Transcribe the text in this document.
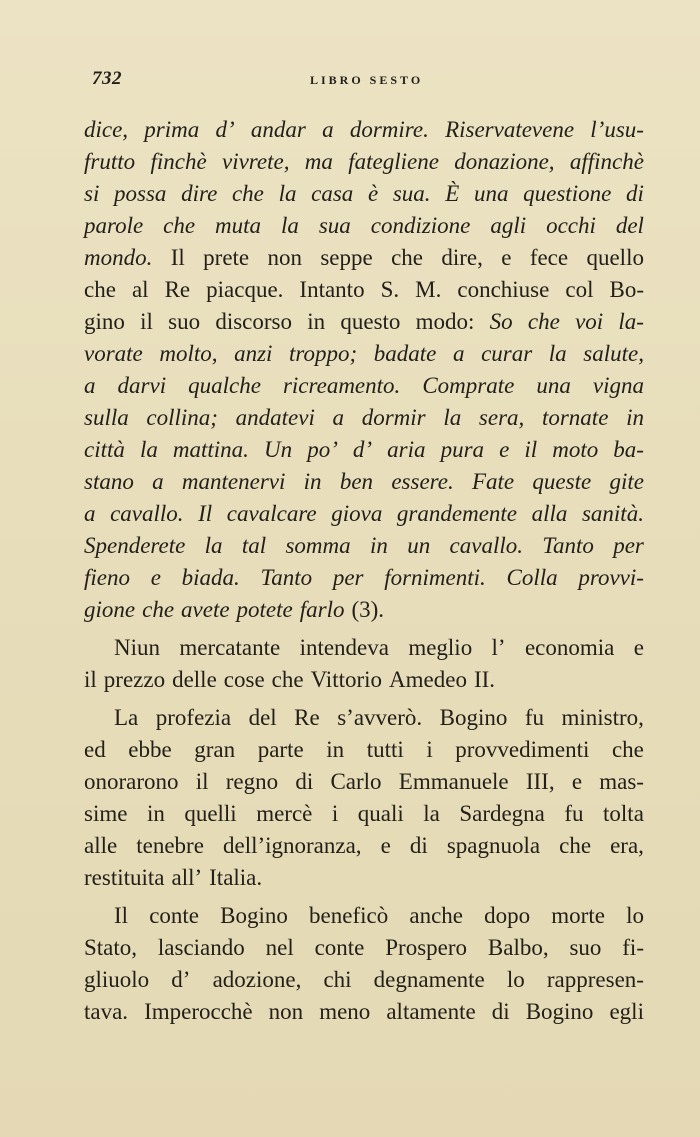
732	LIBRO SESTO
dice, prima d’ andar a dormire. Riservatevene l’usu-
frutto finchè vivrete, ma fategliene donazione, affinchè
si possa dire che la casa è sua. È una questione di
parole che muta la sua condizione agli occhi del
mondo. Il prete non seppe che dire, e fece quello
che al Re piacque. Intanto S. M. conchiuse col Bo-
gino il suo discorso in questo modo: So che voi la-
vorate molto, anzi troppo; badate a curar la salute,
a darvi qualche ricreamento. Comprate una vigna
sulla collina; andatevi a dormir la sera, tornate in
città la mattina. Un po’ d’ aria pura e il moto ba-
stano a mantenervi in ben essere. Fate queste gite
a cavallo. Il cavalcare giova grandemente alla sanità.
Spenderete la tal somma in un cavallo. Tanto per
fieno e biada. Tanto per fornimenti. Colla provvi-
gione che avete potete farlo (3).
Niun mercatante intendeva meglio l’ economia e
il prezzo delle cose che Vittorio Amedeo II.
La profezia del Re s’avverò. Bogino fu ministro,
ed ebbe gran parte in tutti i provvedimenti che
onorarono il regno di Carlo Emmanuele III, e mas-
sime in quelli mercè i quali la Sardegna fu tolta
alle tenebre dell’ignoranza, e di spagnuola che era,
restituita all’ Italia.
Il conte Bogino beneficò anche dopo morte lo
Stato, lasciando nel conte Prospero Balbo, suo fi-
gliuolo d’ adozione, chi degnamente lo rappresen-
tava. Imperocchè non meno altamente di Bogino egli
